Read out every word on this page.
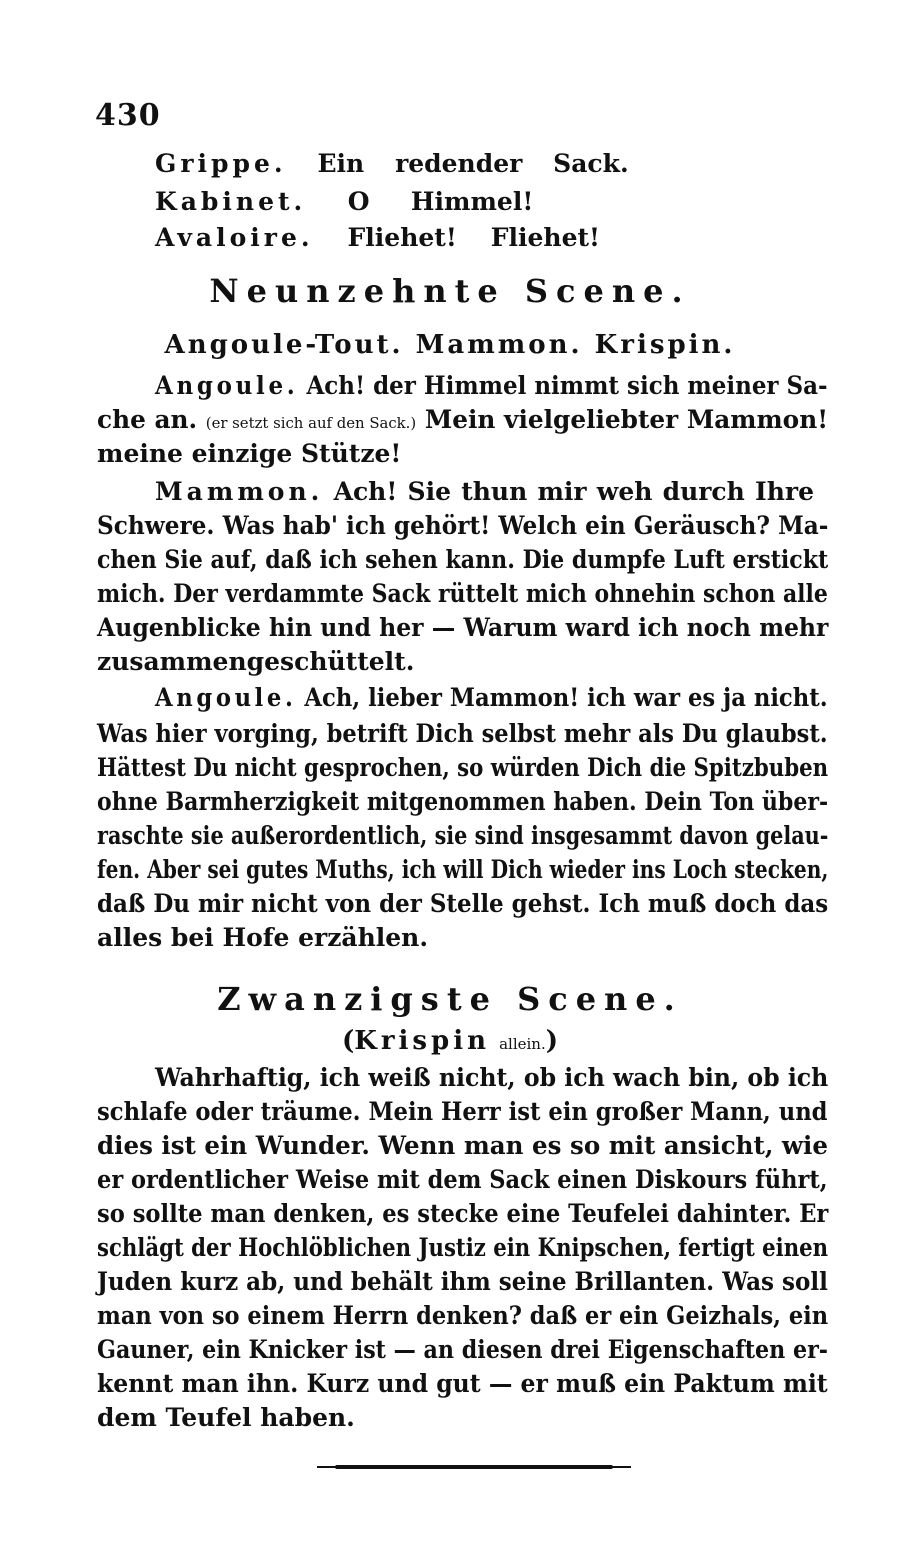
430
Grippe. Ein redender Sack.
Kabinet. O Himmel!
Avaloire. Fliehet! Fliehet!
Neunzehnte Scene.
Angoule-Tout. Mammon. Krispin.
Angoule. Ach! der Himmel nimmt sich meiner Sa-
che an. (er setzt sich auf den Sack.) Mein vielgeliebter Mammon!
meine einzige Stütze!
Mammon. Ach! Sie thun mir weh durch Ihre
Schwere. Was hab' ich gehört! Welch ein Geräusch? Ma-
chen Sie auf, daß ich sehen kann. Die dumpfe Luft erstickt
mich. Der verdammte Sack rüttelt mich ohnehin schon alle
Augenblicke hin und her — Warum ward ich noch mehr
zusammengeschüttelt.
Angoule. Ach, lieber Mammon! ich war es ja nicht.
Was hier vorging, betrift Dich selbst mehr als Du glaubst.
Hättest Du nicht gesprochen, so würden Dich die Spitzbuben
ohne Barmherzigkeit mitgenommen haben. Dein Ton über-
raschte sie außerordentlich, sie sind insgesammt davon gelau-
fen. Aber sei gutes Muths, ich will Dich wieder ins Loch stecken,
daß Du mir nicht von der Stelle gehst. Ich muß doch das
alles bei Hofe erzählen.
Zwanzigste Scene.
(Krispin allein.)
Wahrhaftig, ich weiß nicht, ob ich wach bin, ob ich
schlafe oder träume. Mein Herr ist ein großer Mann, und
dies ist ein Wunder. Wenn man es so mit ansicht, wie
er ordentlicher Weise mit dem Sack einen Diskours führt,
so sollte man denken, es stecke eine Teufelei dahinter. Er
schlägt der Hochlöblichen Justiz ein Knipschen, fertigt einen
Juden kurz ab, und behält ihm seine Brillanten. Was soll
man von so einem Herrn denken? daß er ein Geizhals, ein
Gauner, ein Knicker ist — an diesen drei Eigenschaften er-
kennt man ihn. Kurz und gut — er muß ein Paktum mit
dem Teufel haben.
